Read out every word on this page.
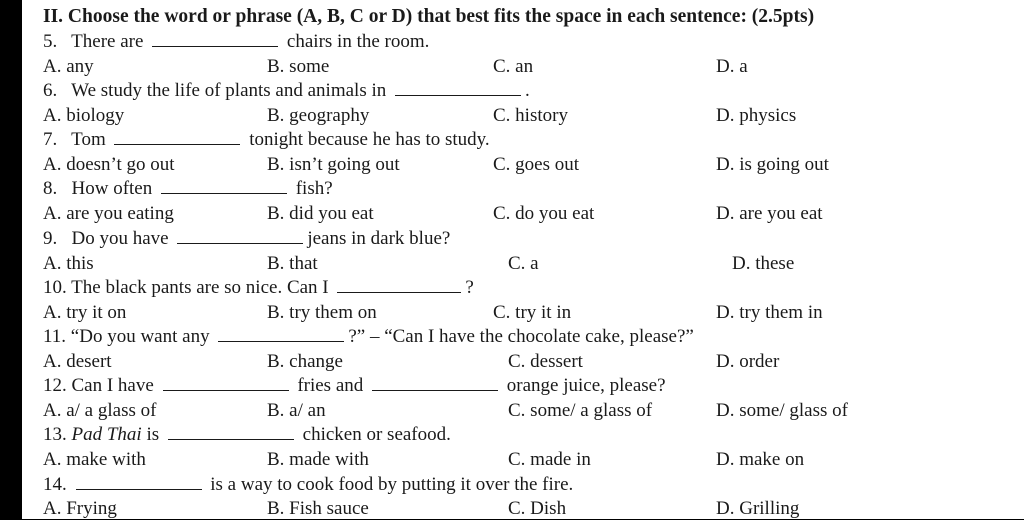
II. Choose the word or phrase (A, B, C or D) that best fits the space in each sentence: (2.5pts)
5. There are	chairs in the room.
A. any	B. some	C. an	D. a
6. We study the life of plants and animals in	.
A. biology	B. geography	C. history	D. physics
7. Tom	tonight because he has to study.
A. doesn’t go out	B. isn’t going out	C. goes out	D. is going out
8. How often	fish?
A. are you eating	B. did you eat	C. do you eat	D. are you eat
9. Do you have	jeans in dark blue?
A. this	B. that	C. a	D. these
10. The black pants are so nice. Can I	?
A. try it on	B. try them on	C. try it in	D. try them in
11. “Do you want any	?” – “Can I have the chocolate cake, please?”
A. desert	B. change	C. dessert	D. order
12. Can I have	fries and	orange juice, please?
A. a/ a glass of	B. a/ an	C. some/ a glass of	D. some/ glass of
13. Pad Thai is	chicken or seafood.
A. make with	B. made with	C. made in	D. make on
14.	is a way to cook food by putting it over the fire.
A. Frying	B. Fish sauce	C. Dish	D. Grilling
